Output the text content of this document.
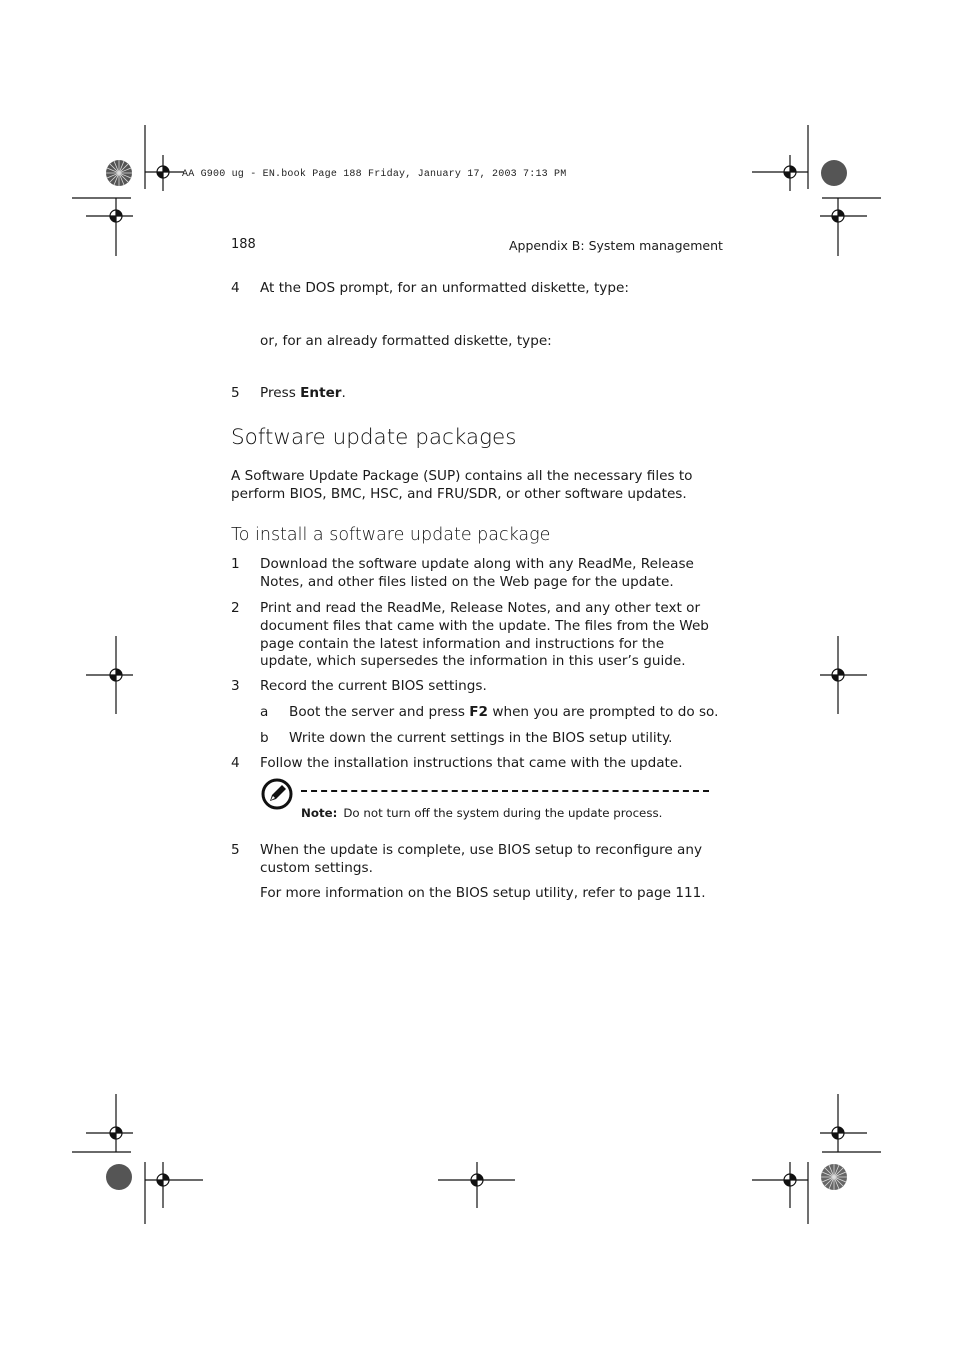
AA G900 ug - EN.book Page 188 Friday, January 17, 2003 7:13 PM
188	Appendix B: System management
4 At the DOS prompt, for an unformatted diskette, type:
or, for an already formatted diskette, type:
5 Press Enter.
Software update packages
A Software Update Package (SUP) contains all the necessary files to
perform BIOS, BMC, HSC, and FRU/SDR, or other software updates.
To install a software update package
1 Download the software update along with any ReadMe, Release
Notes, and other files listed on the Web page for the update.
2 Print and read the ReadMe, Release Notes, and any other text or
document files that came with the update. The files from the Web
page contain the latest information and instructions for the
update, which supersedes the information in this user’s guide.
3 Record the current BIOS settings.
a Boot the server and press F2 when you are prompted to do so.
b Write down the current settings in the BIOS setup utility.
4 Follow the installation instructions that came with the update.
Note: Do not turn off the system during the update process.
5 When the update is complete, use BIOS setup to reconfigure any
custom settings.
For more information on the BIOS setup utility, refer to page 111.
